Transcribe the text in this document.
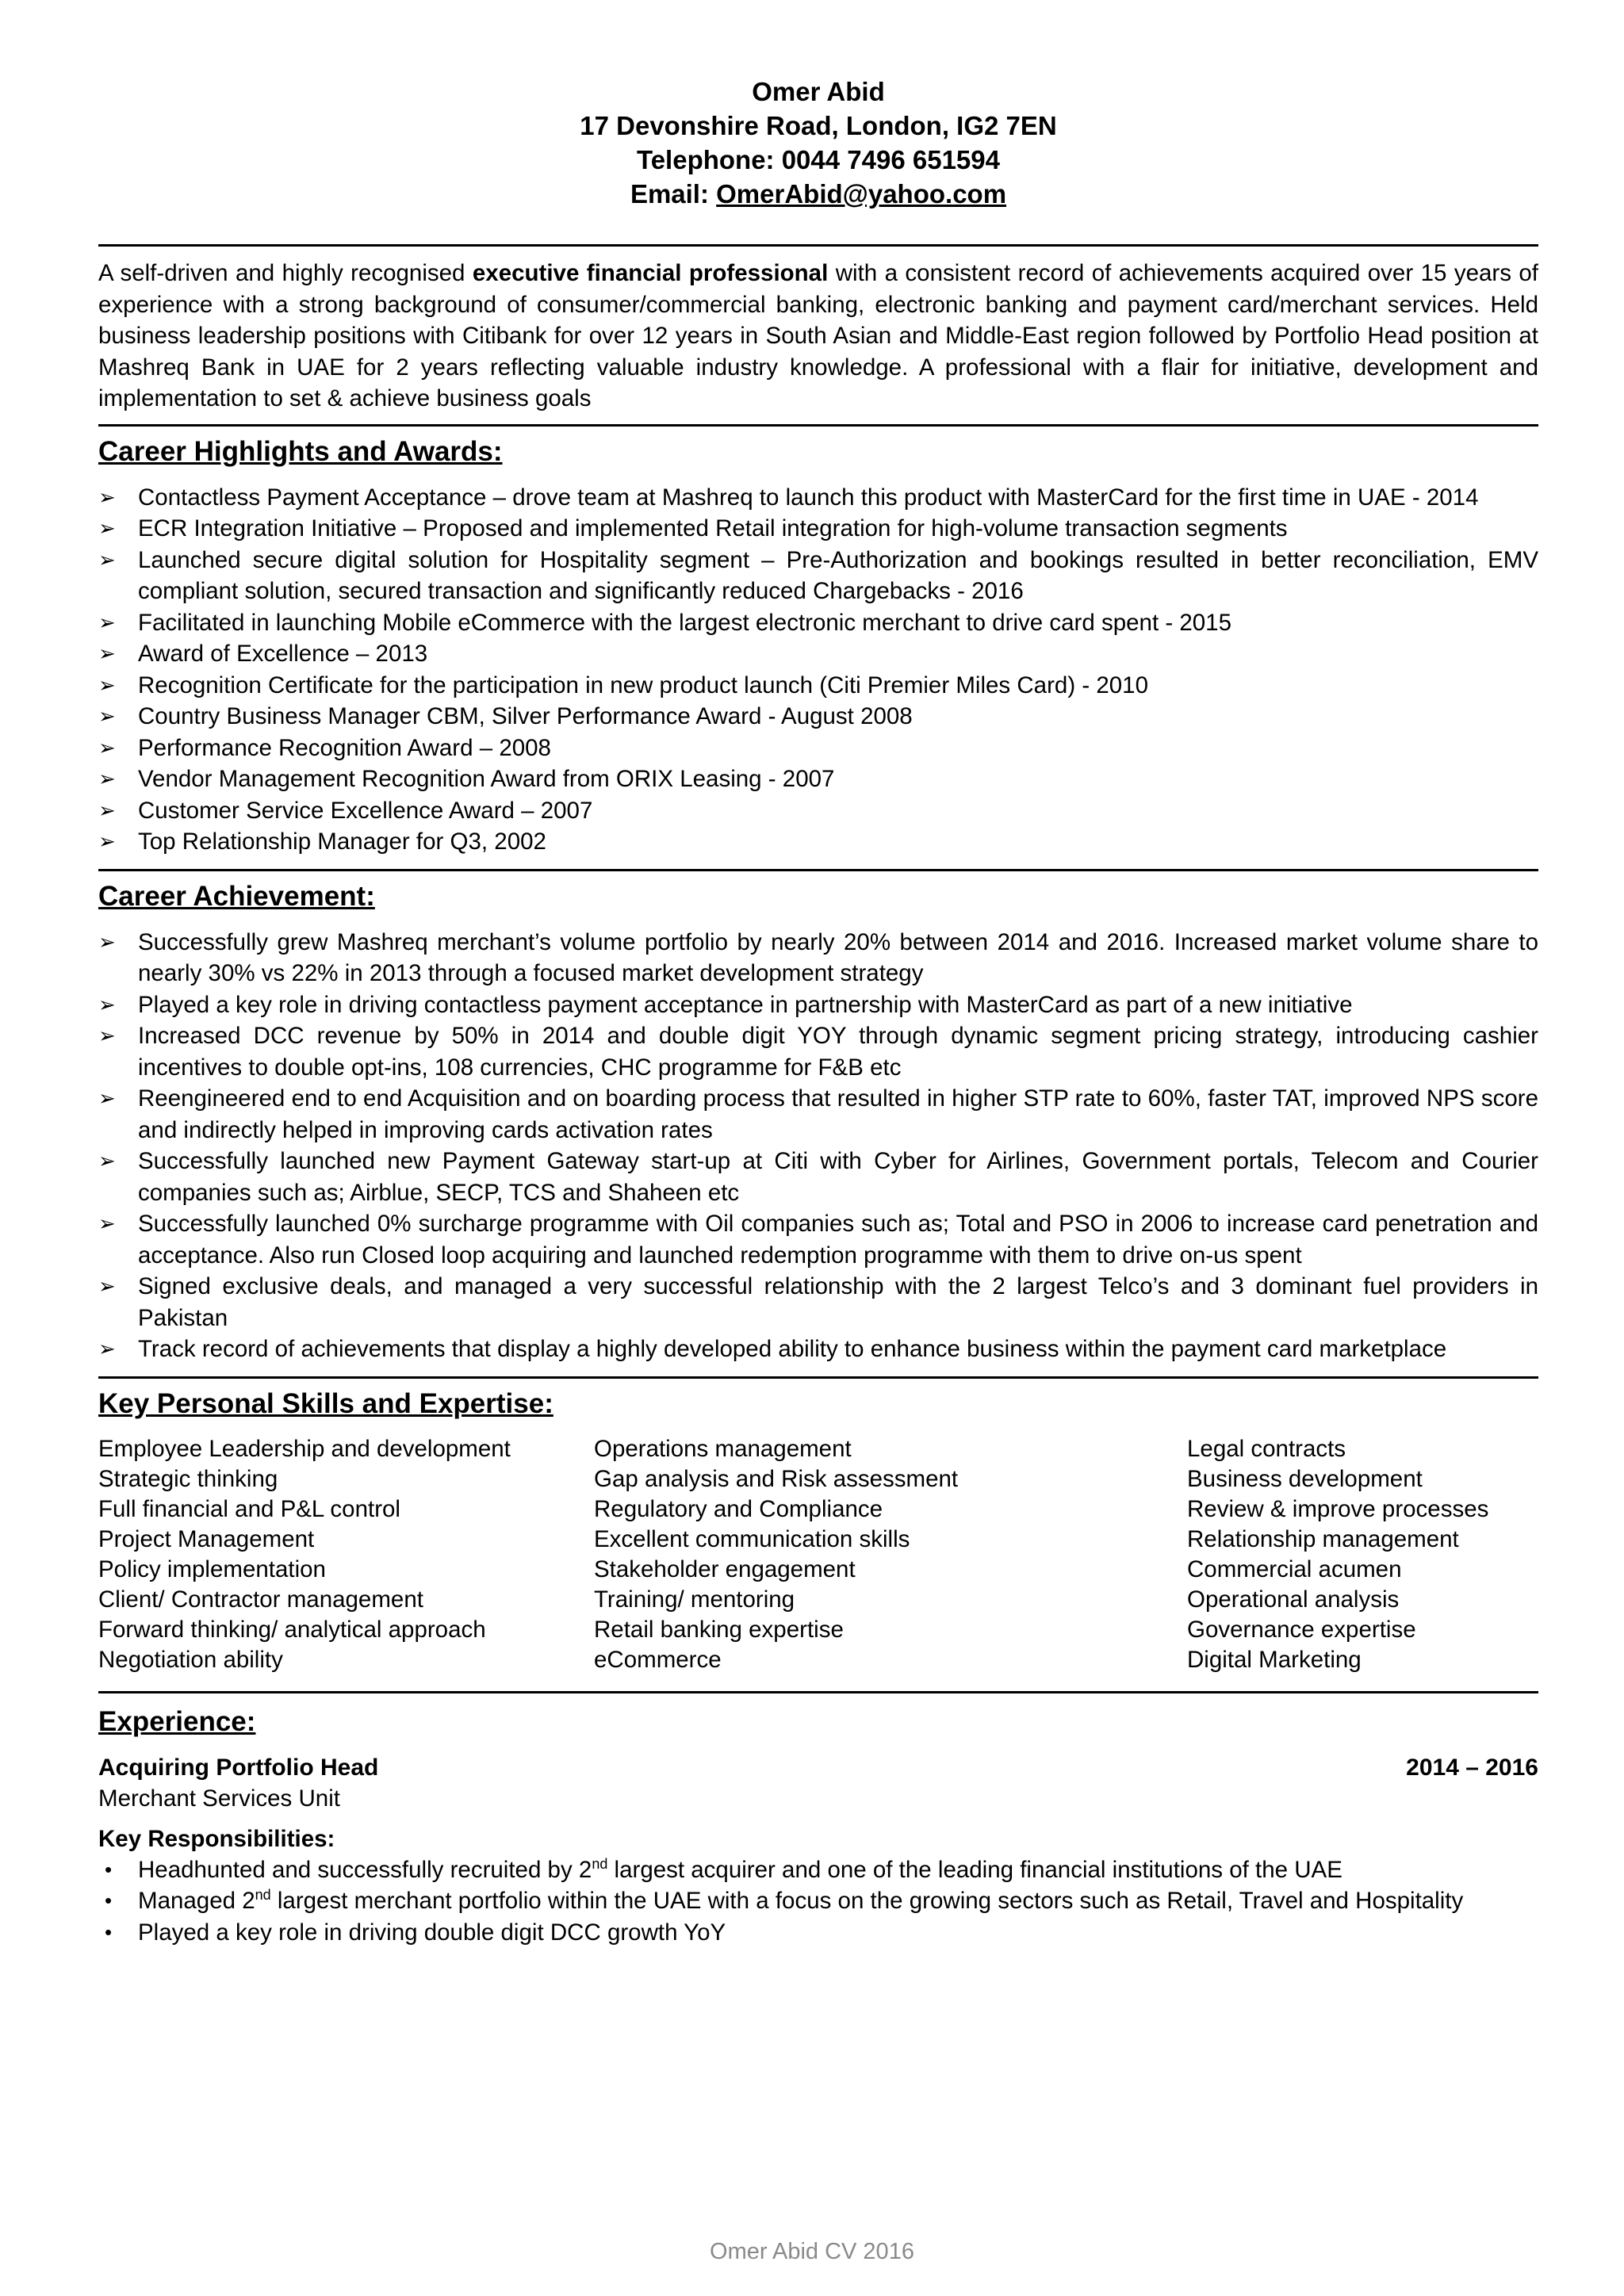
Omer Abid
17 Devonshire Road, London, IG2 7EN
Telephone: 0044 7496 651594
Email: OmerAbid@yahoo.com
A self-driven and highly recognised executive financial professional with a consistent record of achievements acquired over 15 years of experience with a strong background of consumer/commercial banking, electronic banking and payment card/merchant services. Held business leadership positions with Citibank for over 12 years in South Asian and Middle-East region followed by Portfolio Head position at Mashreq Bank in UAE for 2 years reflecting valuable industry knowledge. A professional with a flair for initiative, development and implementation to set & achieve business goals
Career Highlights and Awards:
➢ Contactless Payment Acceptance – drove team at Mashreq to launch this product with MasterCard for the first time in UAE - 2014
➢ ECR Integration Initiative – Proposed and implemented Retail integration for high-volume transaction segments
➢ Launched secure digital solution for Hospitality segment – Pre-Authorization and bookings resulted in better reconciliation, EMV compliant solution, secured transaction and significantly reduced Chargebacks - 2016
➢ Facilitated in launching Mobile eCommerce with the largest electronic merchant to drive card spent - 2015
➢ Award of Excellence – 2013
➢ Recognition Certificate for the participation in new product launch (Citi Premier Miles Card) - 2010
➢ Country Business Manager CBM, Silver Performance Award - August 2008
➢ Performance Recognition Award – 2008
➢ Vendor Management Recognition Award from ORIX Leasing - 2007
➢ Customer Service Excellence Award – 2007
➢ Top Relationship Manager for Q3, 2002
Career Achievement:
➢ Successfully grew Mashreq merchant’s volume portfolio by nearly 20% between 2014 and 2016. Increased market volume share to nearly 30% vs 22% in 2013 through a focused market development strategy
➢ Played a key role in driving contactless payment acceptance in partnership with MasterCard as part of a new initiative
➢ Increased DCC revenue by 50% in 2014 and double digit YOY through dynamic segment pricing strategy, introducing cashier incentives to double opt-ins, 108 currencies, CHC programme for F&B etc
➢ Reengineered end to end Acquisition and on boarding process that resulted in higher STP rate to 60%, faster TAT, improved NPS score and indirectly helped in improving cards activation rates
➢ Successfully launched new Payment Gateway start-up at Citi with Cyber for Airlines, Government portals, Telecom and Courier companies such as; Airblue, SECP, TCS and Shaheen etc
➢ Successfully launched 0% surcharge programme with Oil companies such as; Total and PSO in 2006 to increase card penetration and acceptance. Also run Closed loop acquiring and launched redemption programme with them to drive on-us spent
➢ Signed exclusive deals, and managed a very successful relationship with the 2 largest Telco’s and 3 dominant fuel providers in Pakistan
➢ Track record of achievements that display a highly developed ability to enhance business within the payment card marketplace
Key Personal Skills and Expertise:
Employee Leadership and development
Strategic thinking
Full financial and P&L control
Project Management
Policy implementation
Client/ Contractor management
Forward thinking/ analytical approach
Negotiation ability
Operations management
Gap analysis and Risk assessment
Regulatory and Compliance
Excellent communication skills
Stakeholder engagement
Training/ mentoring
Retail banking expertise
eCommerce
Legal contracts
Business development
Review & improve processes
Relationship management
Commercial acumen
Operational analysis
Governance expertise
Digital Marketing
Experience:
Acquiring Portfolio Head	2014 – 2016
Merchant Services Unit
Key Responsibilities:
• Headhunted and successfully recruited by 2nd largest acquirer and one of the leading financial institutions of the UAE
• Managed 2nd largest merchant portfolio within the UAE with a focus on the growing sectors such as Retail, Travel and Hospitality
• Played a key role in driving double digit DCC growth YoY
Omer Abid CV 2016
